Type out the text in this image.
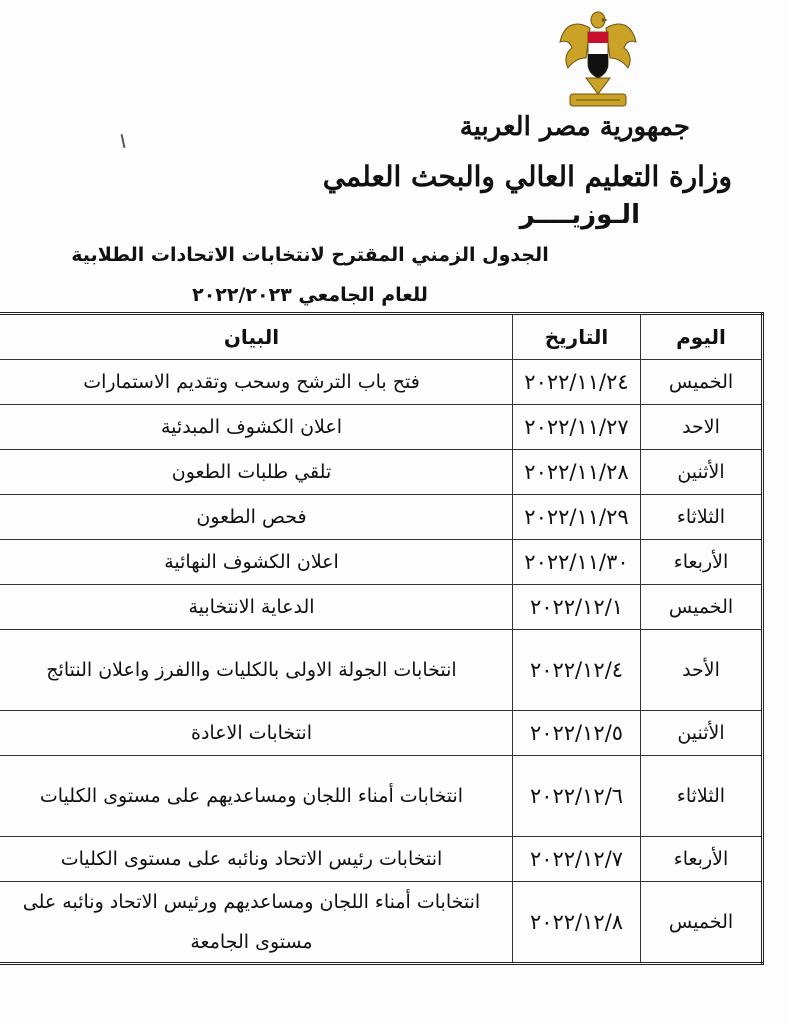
جمهورية مصر العربية
وزارة التعليم العالي والبحث العلمي
الـوزيــــر
الجدول الزمني المقترح لانتخابات الاتحادات الطلابية
للعام الجامعي ٢٠٢٢/٢٠٢٣
اليوم	التاريخ	البيان
الخميس	٢٠٢٢/١١/٢٤	فتح باب الترشح وسحب وتقديم الاستمارات
الاحد	٢٠٢٢/١١/٢٧	اعلان الكشوف المبدئية
الأثنين	٢٠٢٢/١١/٢٨	تلقي طلبات الطعون
الثلاثاء	٢٠٢٢/١١/٢٩	فحص الطعون
الأربعاء	٢٠٢٢/١١/٣٠	اعلان الكشوف النهائية
الخميس	٢٠٢٢/١٢/١	الدعاية الانتخابية
الأحد	٢٠٢٢/١٢/٤	انتخابات الجولة الاولى بالكليات واالفرز واعلان النتائج
الأثنين	٢٠٢٢/١٢/٥	انتخابات الاعادة
الثلاثاء	٢٠٢٢/١٢/٦	انتخابات أمناء اللجان ومساعديهم على مستوى الكليات
الأربعاء	٢٠٢٢/١٢/٧	انتخابات رئيس الاتحاد ونائبه على مستوى الكليات
الخميس	٢٠٢٢/١٢/٨	انتخابات أمناء اللجان ومساعديهم ورئيس الاتحاد ونائبه على مستوى الجامعة
